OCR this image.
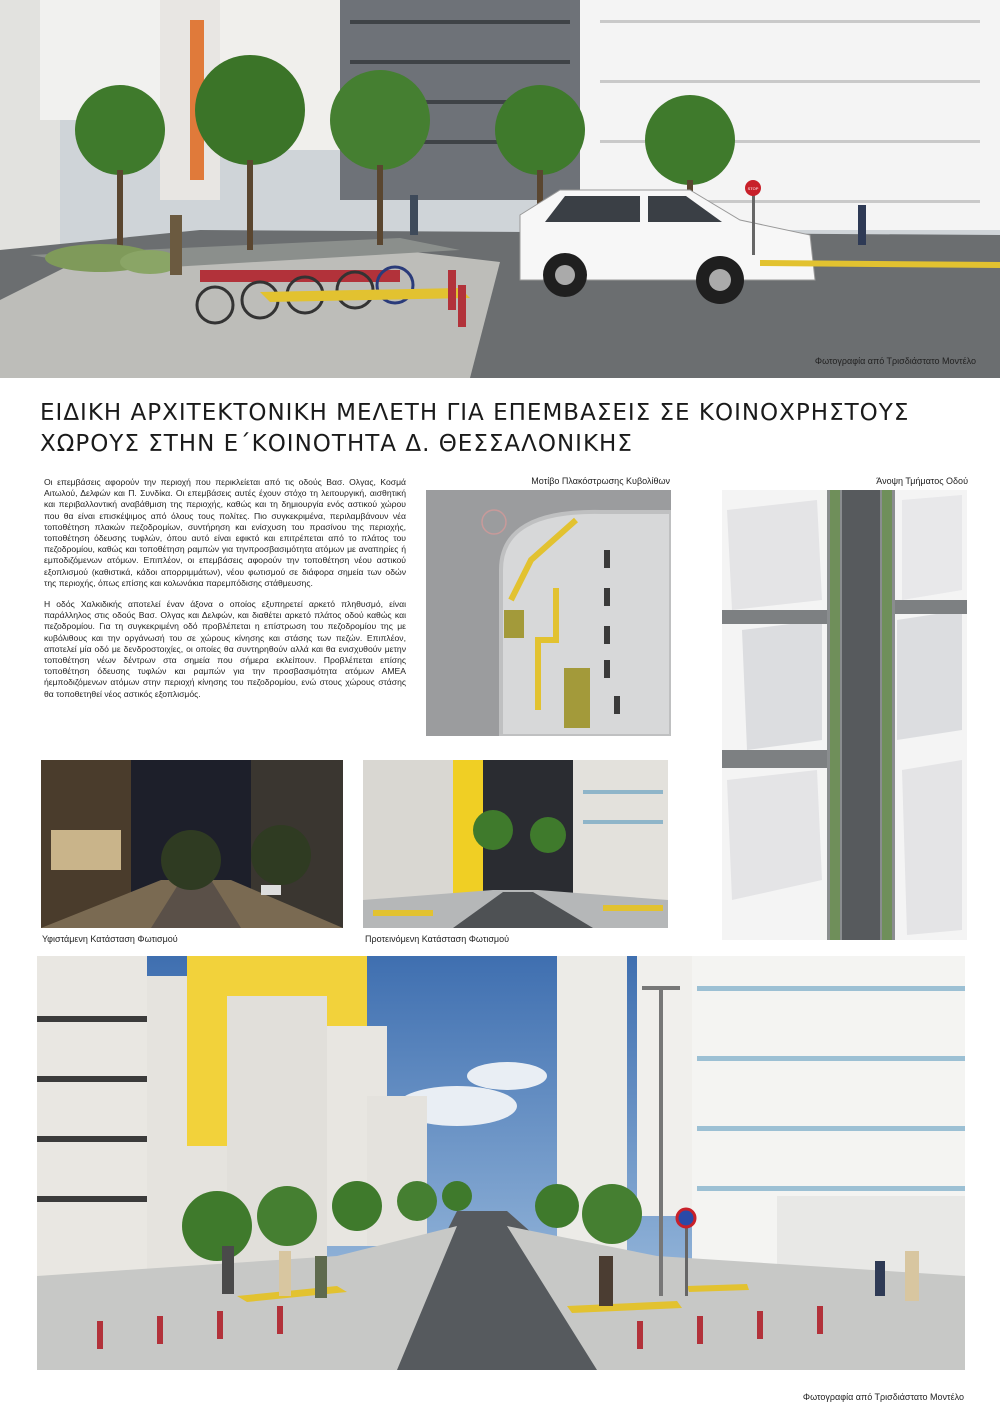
STOP
Φωτογραφία από Τρισδιάστατο Μοντέλο
ΕΙΔΙΚΗ ΑΡΧΙΤΕΚΤΟΝΙΚΗ ΜΕΛΕΤΗ ΓΙΑ ΕΠΕΜΒΑΣΕΙΣ ΣΕ ΚΟΙΝΟΧΡΗΣΤΟΥΣ
ΧΩΡΟΥΣ ΣΤΗΝ Ε΄ΚΟΙΝΟΤΗΤΑ Δ. ΘΕΣΣΑΛΟΝΙΚΗΣ

Οι επεμβάσεις αφορούν την περιοχή που περικλείεται από τις οδούς Βασ. Ολγας, Κοσμά Αιτωλού, Δελφών και Π. Συνδίκα. Οι επεμβάσεις αυτές έχουν στόχο τη λειτουργική, αισθητική και περιβαλλοντική αναβάθμιση της περιοχής, καθώς και τη δημιουργία ενός αστικού χώρου που θα είναι επισκέψιμος από όλους τους πολίτες. Πιο συγκεκριμένα, περιλαμβάνουν νέα τοποθέτηση πλακών πεζοδρομίων, συντήρηση και ενίσχυση του πρασίνου της περιοχής, τοποθέτηση όδευσης τυφλών, όπου αυτό είναι εφικτό και επιτρέπεται από το πλάτος του πεζοδρομίου, καθώς και τοποθέτηση ραμπών για τηνπροσβασιμότητα ατόμων με αναπηρίες ή εμποδιζόμενων ατόμων. Επιπλέον, οι επεμβάσεις αφορούν την τοποθέτηση νέου αστικού εξοπλισμού (καθιστικά, κάδοι απορριμμάτων), νέου φωτισμού σε διάφορα σημεία των οδών της περιοχής, όπως επίσης και κολωνάκια παρεμπόδισης στάθμευσης.

Η οδός Χαλκιδικής αποτελεί έναν άξονα ο οποίος εξυπηρετεί αρκετό πληθυσμό, είναι παράλληλος στις οδούς Βασ. Ολγας και Δελφών, και διαθέτει αρκετό πλάτος οδού καθώς και πεζοδρομίου. Για τη συγκεκριμένη οδό προβλέπεται η επίστρωση του πεζοδρομίου της με κυβόλιθους και την οργάνωσή του σε χώρους κίνησης και στάσης των πεζών. Επιπλέον, αποτελεί μία οδό με δενδροστοιχίες, οι οποίες θα συντηρηθούν αλλά και θα ενισχυθούν μετην τοποθέτηση νέων δέντρων στα σημεία που σήμερα εκλείπουν. Προβλέπεται επίσης τοποθέτηση όδευσης τυφλών και ραμπών για την προσβασιμότητα ατόμων ΑΜΕΑ ήεμποδιζόμενων ατόμων στην περιοχή κίνησης του πεζοδρομίου, ενώ στους χώρους στάσης θα τοποθετηθεί νέος αστικός εξοπλισμός.

Μοτίβο Πλακόστρωσης Κυβολίθων	Άνοψη Τμήματος Οδού
Υφιστάμενη Κατάσταση Φωτισμού	Προτεινόμενη Κατάσταση Φωτισμού
Φωτογραφία από Τρισδιάστατο Μοντέλο
